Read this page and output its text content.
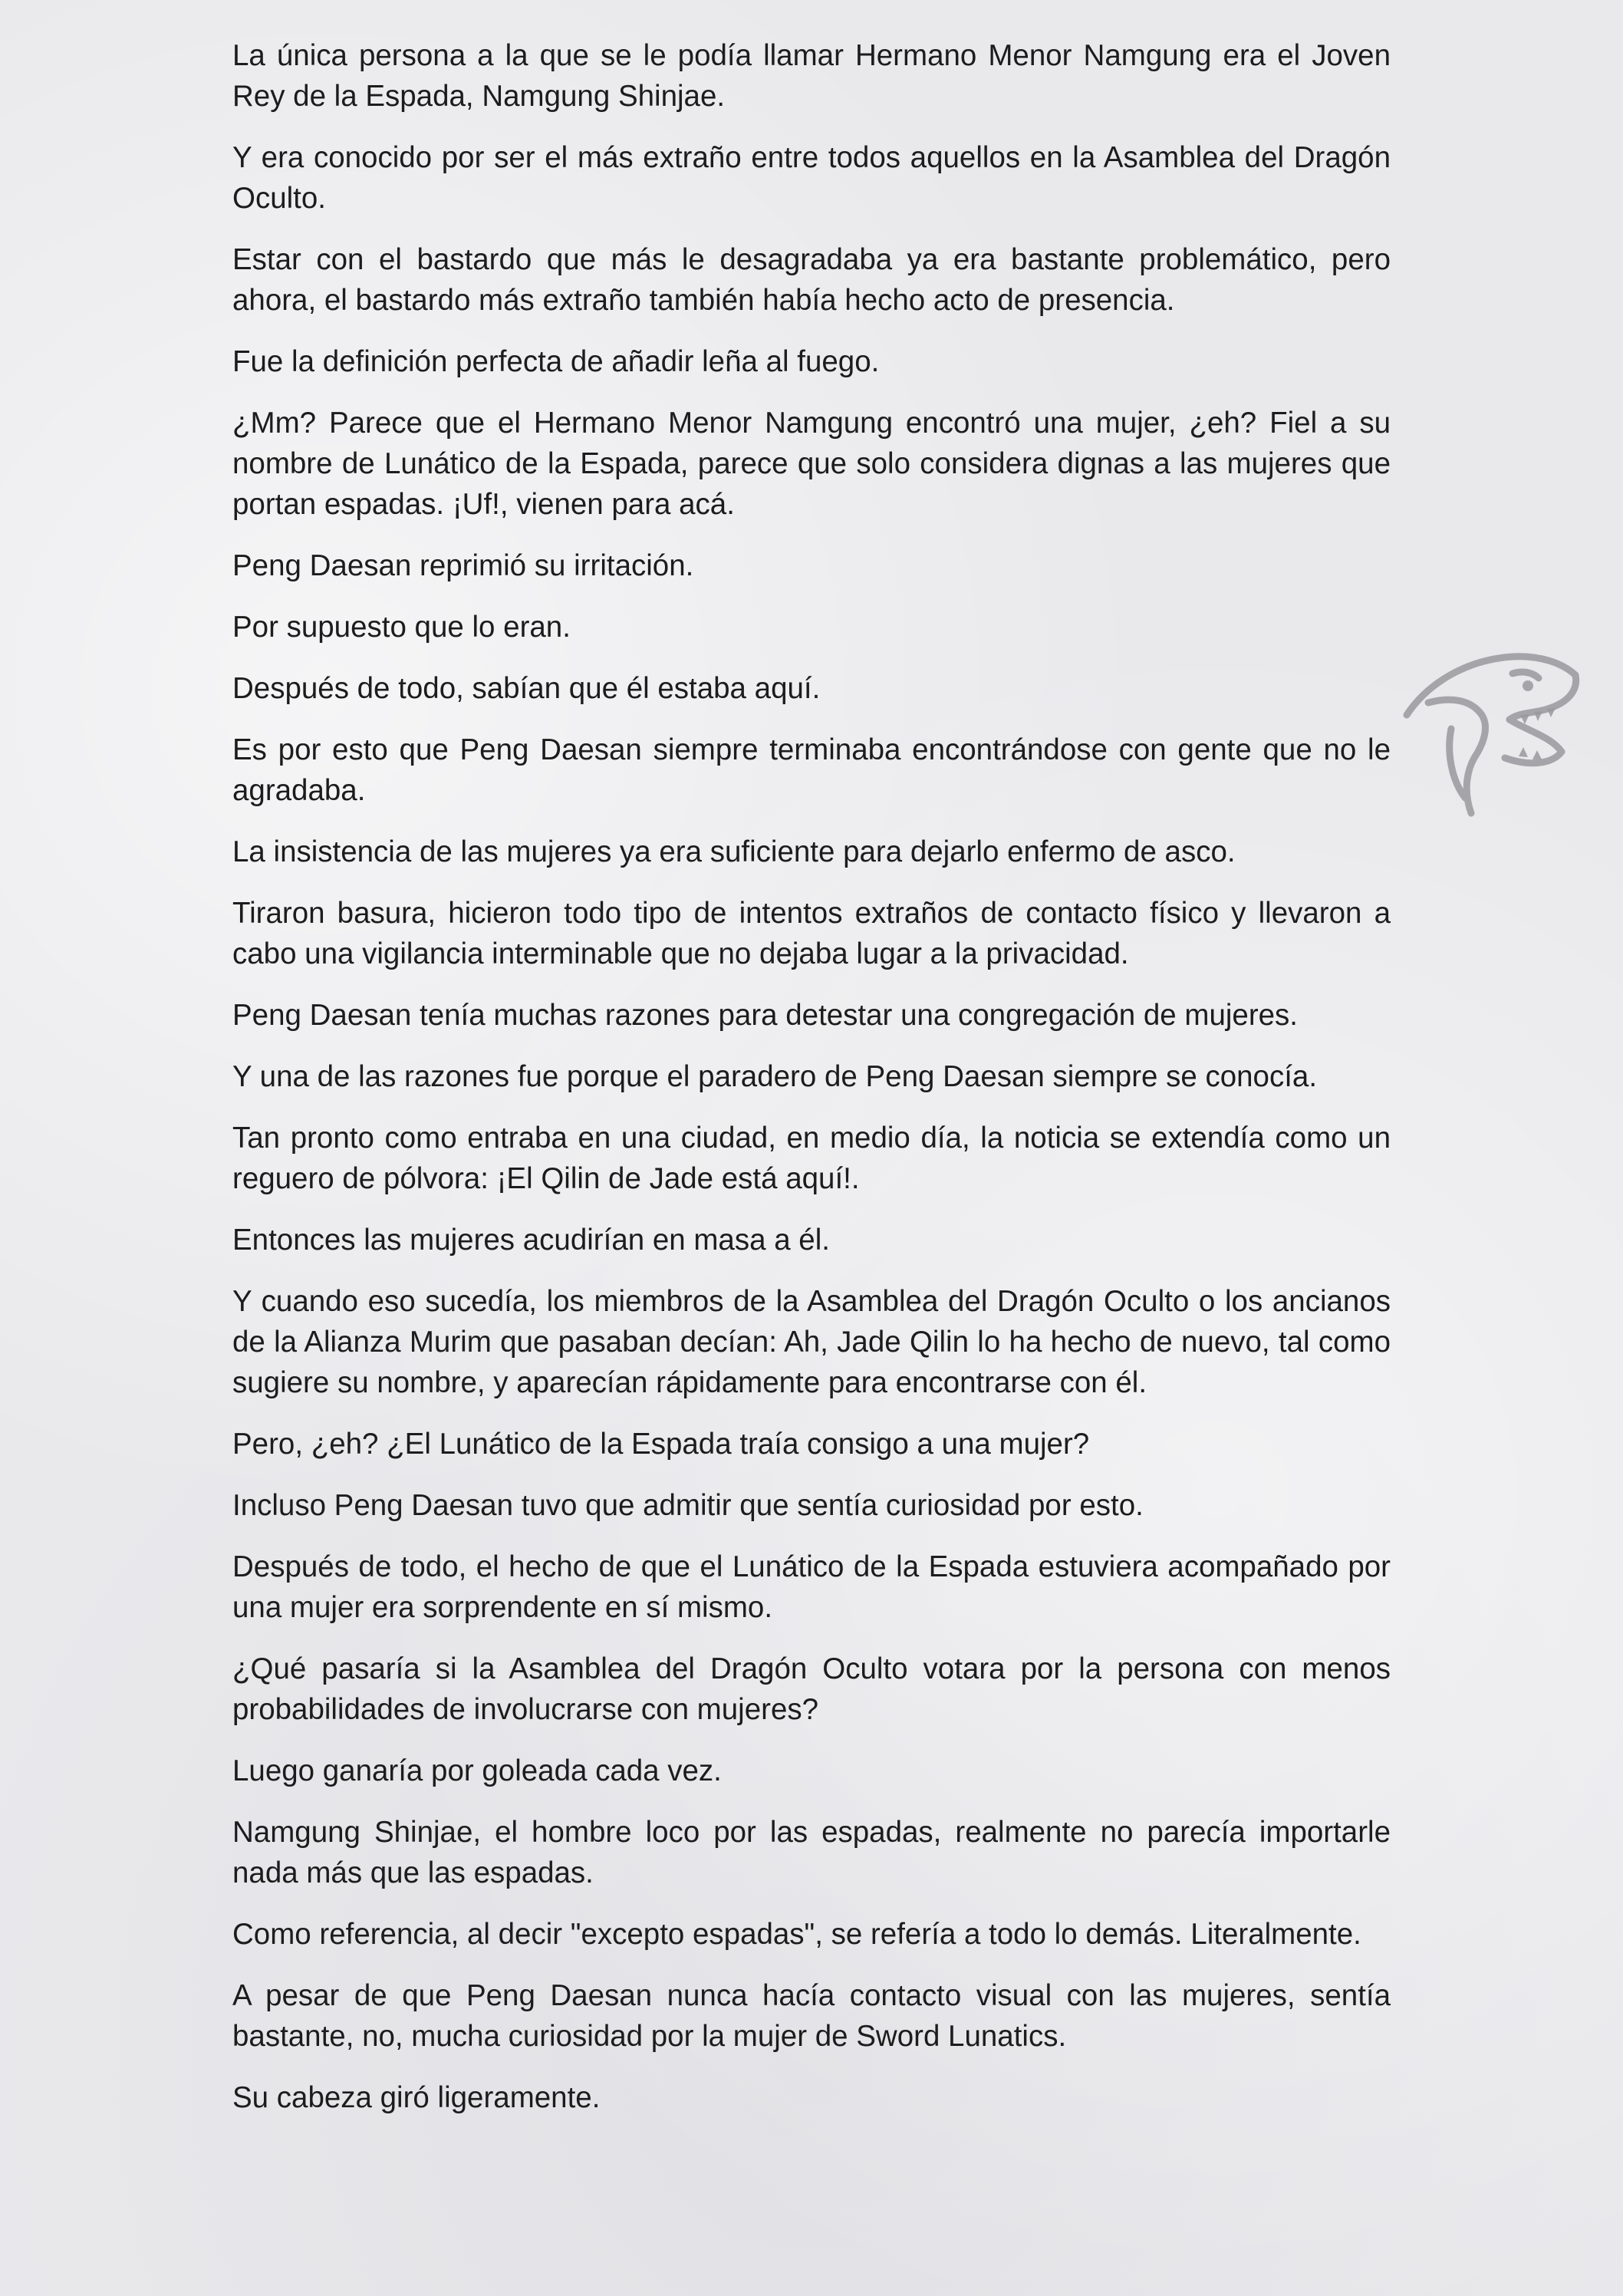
La única persona a la que se le podía llamar Hermano Menor Namgung era el Joven Rey de la Espada, Namgung Shinjae.

Y era conocido por ser el más extraño entre todos aquellos en la Asamblea del Dragón Oculto.

Estar con el bastardo que más le desagradaba ya era bastante problemático, pero ahora, el bastardo más extraño también había hecho acto de presencia.

Fue la definición perfecta de añadir leña al fuego.

¿Mm? Parece que el Hermano Menor Namgung encontró una mujer, ¿eh? Fiel a su nombre de Lunático de la Espada, parece que solo considera dignas a las mujeres que portan espadas. ¡Uf!, vienen para acá.

Peng Daesan reprimió su irritación.

Por supuesto que lo eran.

Después de todo, sabían que él estaba aquí.

Es por esto que Peng Daesan siempre terminaba encontrándose con gente que no le agradaba.

La insistencia de las mujeres ya era suficiente para dejarlo enfermo de asco.

Tiraron basura, hicieron todo tipo de intentos extraños de contacto físico y llevaron a cabo una vigilancia interminable que no dejaba lugar a la privacidad.

Peng Daesan tenía muchas razones para detestar una congregación de mujeres.

Y una de las razones fue porque el paradero de Peng Daesan siempre se conocía.

Tan pronto como entraba en una ciudad, en medio día, la noticia se extendía como un reguero de pólvora: ¡El Qilin de Jade está aquí!.

Entonces las mujeres acudirían en masa a él.

Y cuando eso sucedía, los miembros de la Asamblea del Dragón Oculto o los ancianos de la Alianza Murim que pasaban decían: Ah, Jade Qilin lo ha hecho de nuevo, tal como sugiere su nombre, y aparecían rápidamente para encontrarse con él.

Pero, ¿eh? ¿El Lunático de la Espada traía consigo a una mujer?

Incluso Peng Daesan tuvo que admitir que sentía curiosidad por esto.

Después de todo, el hecho de que el Lunático de la Espada estuviera acompañado por una mujer era sorprendente en sí mismo.

¿Qué pasaría si la Asamblea del Dragón Oculto votara por la persona con menos probabilidades de involucrarse con mujeres?

Luego ganaría por goleada cada vez.

Namgung Shinjae, el hombre loco por las espadas, realmente no parecía importarle nada más que las espadas.

Como referencia, al decir "excepto espadas", se refería a todo lo demás. Literalmente.

A pesar de que Peng Daesan nunca hacía contacto visual con las mujeres, sentía bastante, no, mucha curiosidad por la mujer de Sword Lunatics.

Su cabeza giró ligeramente.
